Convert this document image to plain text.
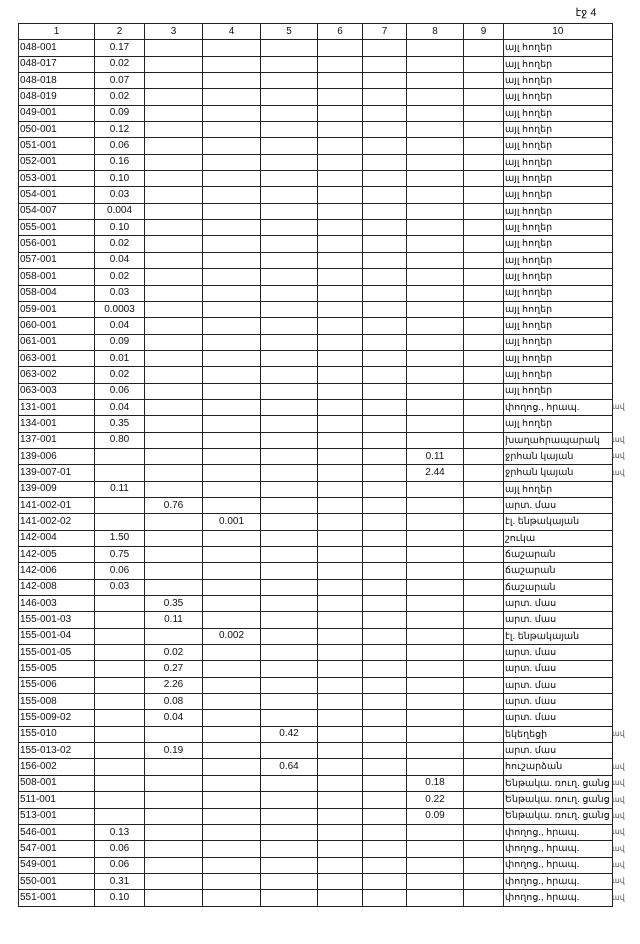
էջ 4
1	2	3	4	5	6	7	8	9	10
048-001	0.17								այլ հողեր
048-017	0.02								այլ հողեր
048-018	0.07								այլ հողեր
048-019	0.02								այլ հողեր
049-001	0.09								այլ հողեր
050-001	0.12								այլ հողեր
051-001	0.06								այլ հողեր
052-001	0.16								այլ հողեր
053-001	0.10								այլ հողեր
054-001	0.03								այլ հողեր
054-007	0.004								այլ հողեր
055-001	0.10								այլ հողեր
056-001	0.02								այլ հողեր
057-001	0.04								այլ հողեր
058-001	0.02								այլ հողեր
058-004	0.03								այլ հողեր
059-001	0.0003								այլ հողեր
060-001	0.04								այլ հողեր
061-001	0.09								այլ հողեր
063-001	0.01								այլ հողեր
063-002	0.02								այլ հողեր
063-003	0.06								այլ հողեր
131-001	0.04								փողոց., հրապ.
134-001	0.35								այլ հողեր
137-001	0.80								խաղահրապարակ
139-006							0.11		ջրհան կայան
139-007-01							2.44		ջրհան կայան
139-009	0.11								այլ հողեր
141-002-01		0.76							արտ. մաս
141-002-02			0.001						էլ. ենթակայան
142-004	1.50								շուկա
142-005	0.75								ճաշարան
142-006	0.06								ճաշարան
142-008	0.03								ճաշարան
146-003		0.35							արտ. մաս
155-001-03		0.11							արտ. մաս
155-001-04			0.002						էլ. ենթակայան
155-001-05		0.02							արտ. մաս
155-005		0.27							արտ. մաս
155-006		2.26							արտ. մաս
155-008		0.08							արտ. մաս
155-009-02		0.04							արտ. մաս
155-010				0.42					եկեղեցի
155-013-02		0.19							արտ. մաս
156-002				0.64					հուշարձան
508-001							0.18		Ենթակա. ռուղ. ցանց
511-001							0.22		Ենթակա. ռուղ. ցանց
513-001							0.09		Ենթակա. ռուղ. ցանց
546-001	0.13								փողոց., հրապ.
547-001	0.06								փողոց., հրապ.
549-001	0.06								փողոց., հրապ.
550-001	0.31								փողոց., հրապ.
551-001	0.10								փողոց., հրապ.
ավ
ավ
ավ
ավ
ավ
ավ
ավ
ավ
ավ
ավ
ավ
ավ
ավ
ավ
